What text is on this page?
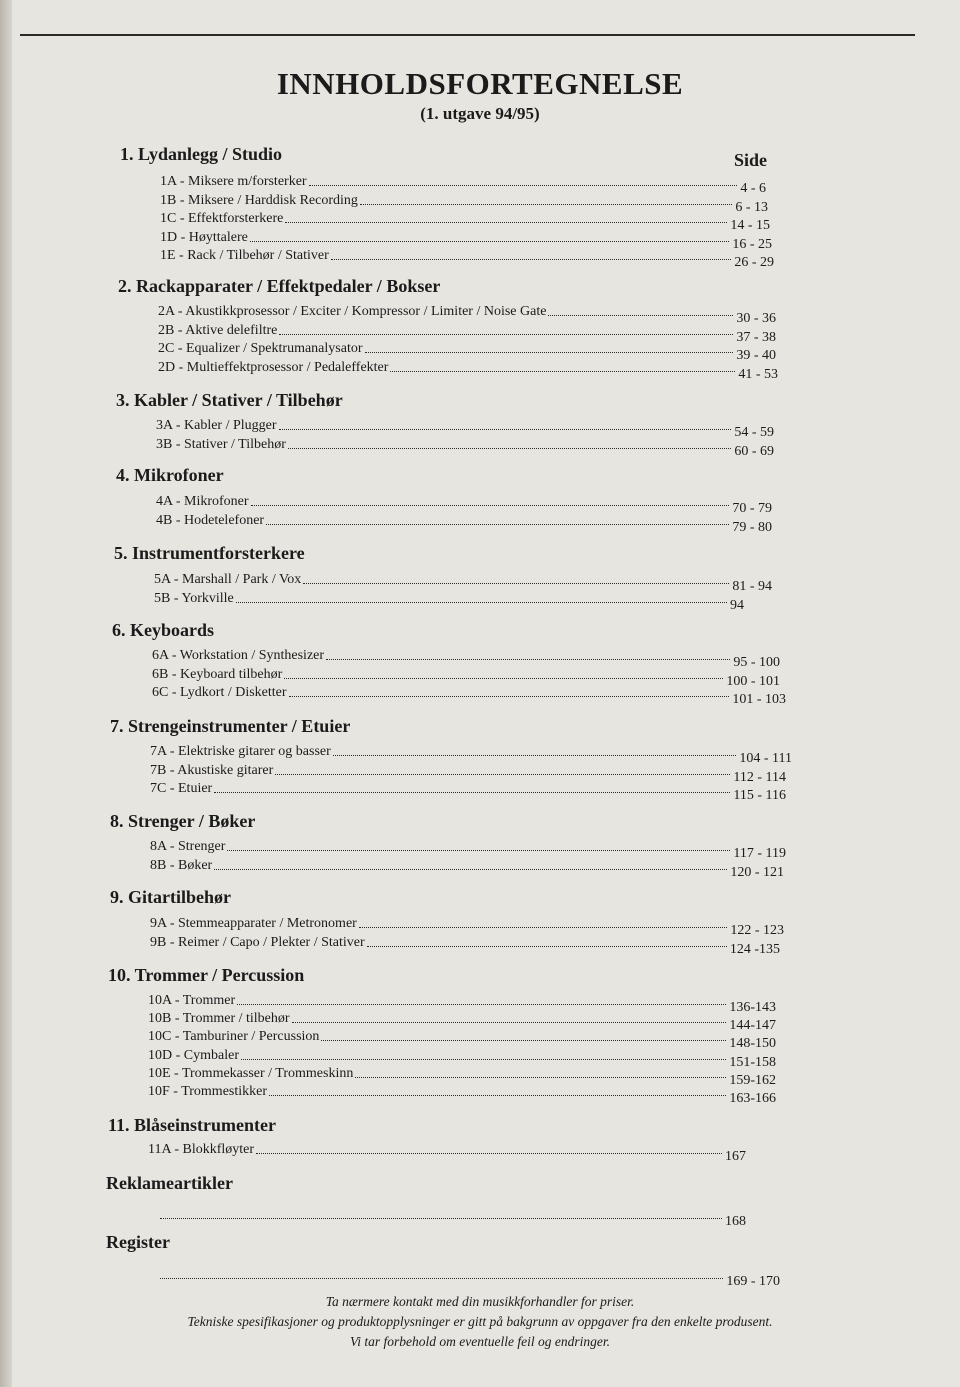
INNHOLDSFORTEGNELSE
(1. utgave 94/95)
Side
1. Lydanlegg / Studio
1A - Miksere m/forsterker	4 - 6
1B - Miksere / Harddisk Recording	6 - 13
1C - Effektforsterkere	14 - 15
1D - Høyttalere	16 - 25
1E - Rack / Tilbehør / Stativer	26 - 29
2. Rackapparater / Effektpedaler / Bokser
2A - Akustikkprosessor / Exciter / Kompressor / Limiter / Noise Gate	30 - 36
2B - Aktive delefiltre	37 - 38
2C - Equalizer / Spektrumanalysator	39 - 40
2D - Multieffektprosessor / Pedaleffekter	41 - 53
3. Kabler / Stativer / Tilbehør
3A - Kabler / Plugger	54 - 59
3B - Stativer / Tilbehør	60 - 69
4. Mikrofoner
4A - Mikrofoner	70 - 79
4B - Hodetelefoner	79 - 80
5. Instrumentforsterkere
5A - Marshall / Park / Vox	81 - 94
5B - Yorkville	94
6. Keyboards
6A - Workstation / Synthesizer	95 - 100
6B - Keyboard tilbehør	100 - 101
6C - Lydkort / Disketter	101 - 103
7. Strengeinstrumenter / Etuier
7A - Elektriske gitarer og basser	104 - 111
7B - Akustiske gitarer	112 - 114
7C - Etuier	115 - 116
8. Strenger / Bøker
8A - Strenger	117 - 119
8B - Bøker	120 - 121
9. Gitartilbehør
9A - Stemmeapparater / Metronomer	122 - 123
9B - Reimer / Capo / Plekter / Stativer	124 -135
10. Trommer / Percussion
10A - Trommer	136-143
10B - Trommer / tilbehør	144-147
10C - Tamburiner / Percussion	148-150
10D - Cymbaler	151-158
10E - Trommekasser / Trommeskinn	159-162
10F - Trommestikker	163-166
11. Blåseinstrumenter
11A - Blokkfløyter	167
Reklameartikler
168
Register
169 - 170
Ta nærmere kontakt med din musikkforhandler for priser.
Tekniske spesifikasjoner og produktopplysninger er gitt på bakgrunn av oppgaver fra den enkelte produsent.
Vi tar forbehold om eventuelle feil og endringer.
